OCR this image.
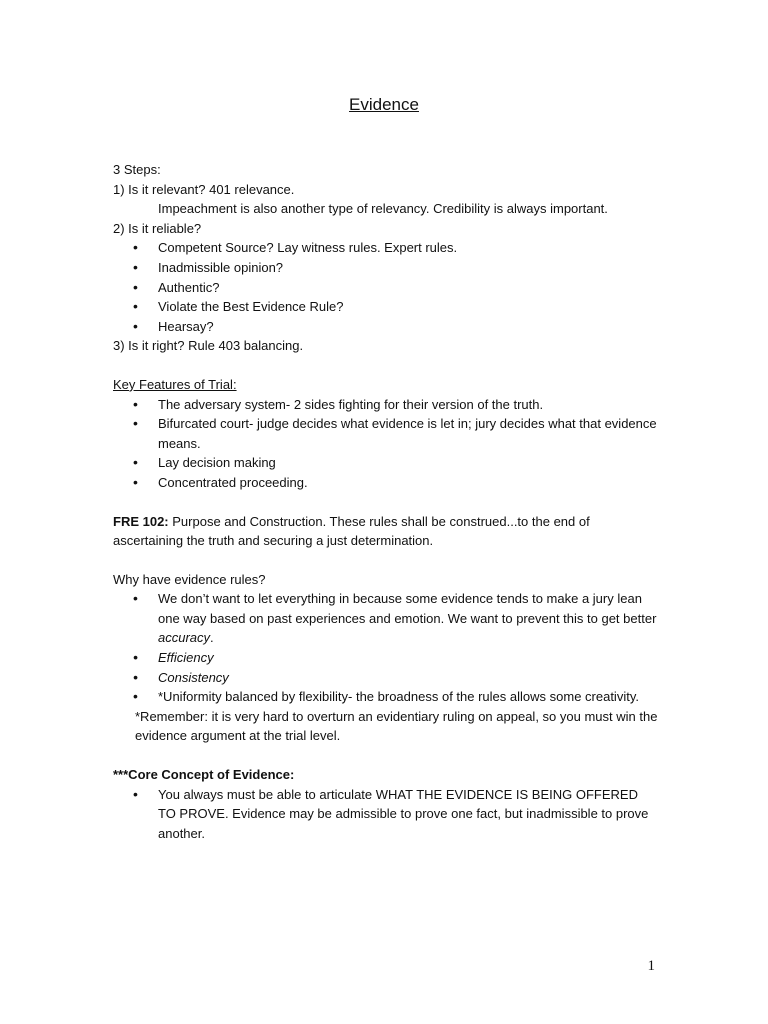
Evidence

3 Steps:

1) Is it relevant? 401 relevance.

Impeachment is also another type of relevancy. Credibility is always important.

2) Is it reliable?

• Competent Source? Lay witness rules. Expert rules.
• Inadmissible opinion?
• Authentic?
• Violate the Best Evidence Rule?
• Hearsay?

3) Is it right? Rule 403 balancing.

Key Features of Trial:

• The adversary system- 2 sides fighting for their version of the truth.
• Bifurcated court- judge decides what evidence is let in; jury decides what that evidence means.
• Lay decision making
• Concentrated proceeding.

FRE 102: Purpose and Construction. These rules shall be construed...to the end of ascertaining the truth and securing a just determination.

Why have evidence rules?

• We don’t want to let everything in because some evidence tends to make a jury lean one way based on past experiences and emotion. We want to prevent this to get better accuracy.
• Efficiency
• Consistency
• *Uniformity balanced by flexibility- the broadness of the rules allows some creativity.

*Remember: it is very hard to overturn an evidentiary ruling on appeal, so you must win the evidence argument at the trial level.

***Core Concept of Evidence:

• You always must be able to articulate WHAT THE EVIDENCE IS BEING OFFERED TO PROVE. Evidence may be admissible to prove one fact, but inadmissible to prove another.
1
